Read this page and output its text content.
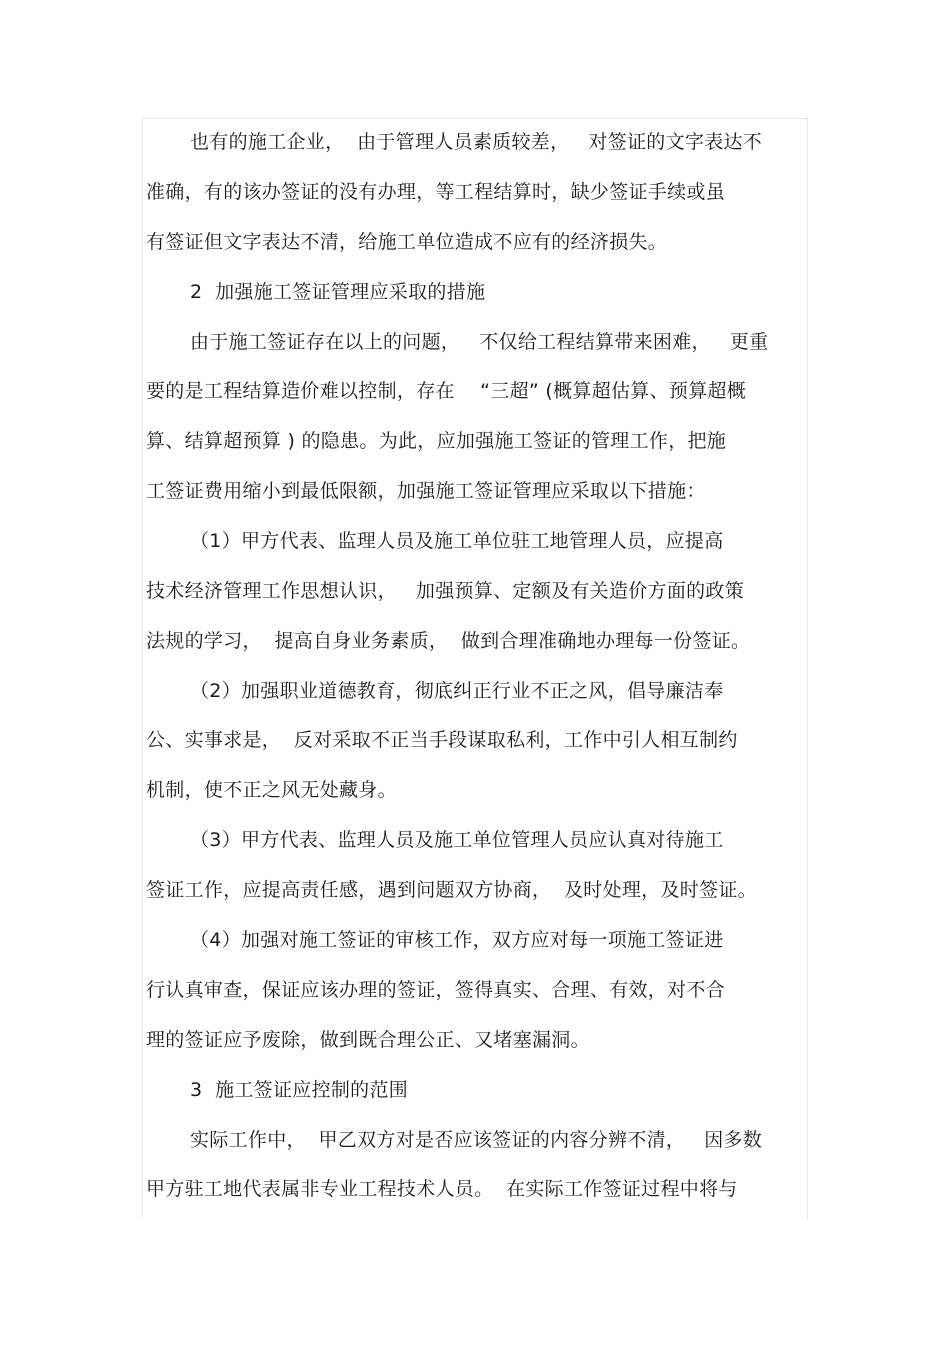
也有的施工企业，  由于管理人员素质较差，   对签证的文字表达不
准确，有的该办签证的没有办理，等工程结算时，缺少签证手续或虽
有签证但文字表达不清，给施工单位造成不应有的经济损失。
2  加强施工签证管理应采取的措施
由于施工签证存在以上的问题，   不仅给工程结算带来困难，   更重
要的是工程结算造价难以控制，存在    “三超” (概算超估算、预算超概
算、结算超预算 ) 的隐患。为此，应加强施工签证的管理工作，把施
工签证费用缩小到最低限额，加强施工签证管理应采取以下措施：
（1）甲方代表、监理人员及施工单位驻工地管理人员，应提高
技术经济管理工作思想认识，   加强预算、定额及有关造价方面的政策
法规的学习，  提高自身业务素质，  做到合理准确地办理每一份签证。
（2）加强职业道德教育，彻底纠正行业不正之风，倡导廉洁奉
公、实事求是，  反对采取不正当手段谋取私利，工作中引人相互制约
机制，使不正之风无处藏身。
（3）甲方代表、监理人员及施工单位管理人员应认真对待施工
签证工作，应提高责任感，遇到问题双方协商，  及时处理，及时签证。
（4）加强对施工签证的审核工作，双方应对每一项施工签证进
行认真审查，保证应该办理的签证，签得真实、合理、有效，对不合
理的签证应予废除，做到既合理公正、又堵塞漏洞。
3  施工签证应控制的范围
实际工作中，  甲乙双方对是否应该签证的内容分辨不清，   因多数
甲方驻工地代表属非专业工程技术人员。  在实际工作签证过程中将与
